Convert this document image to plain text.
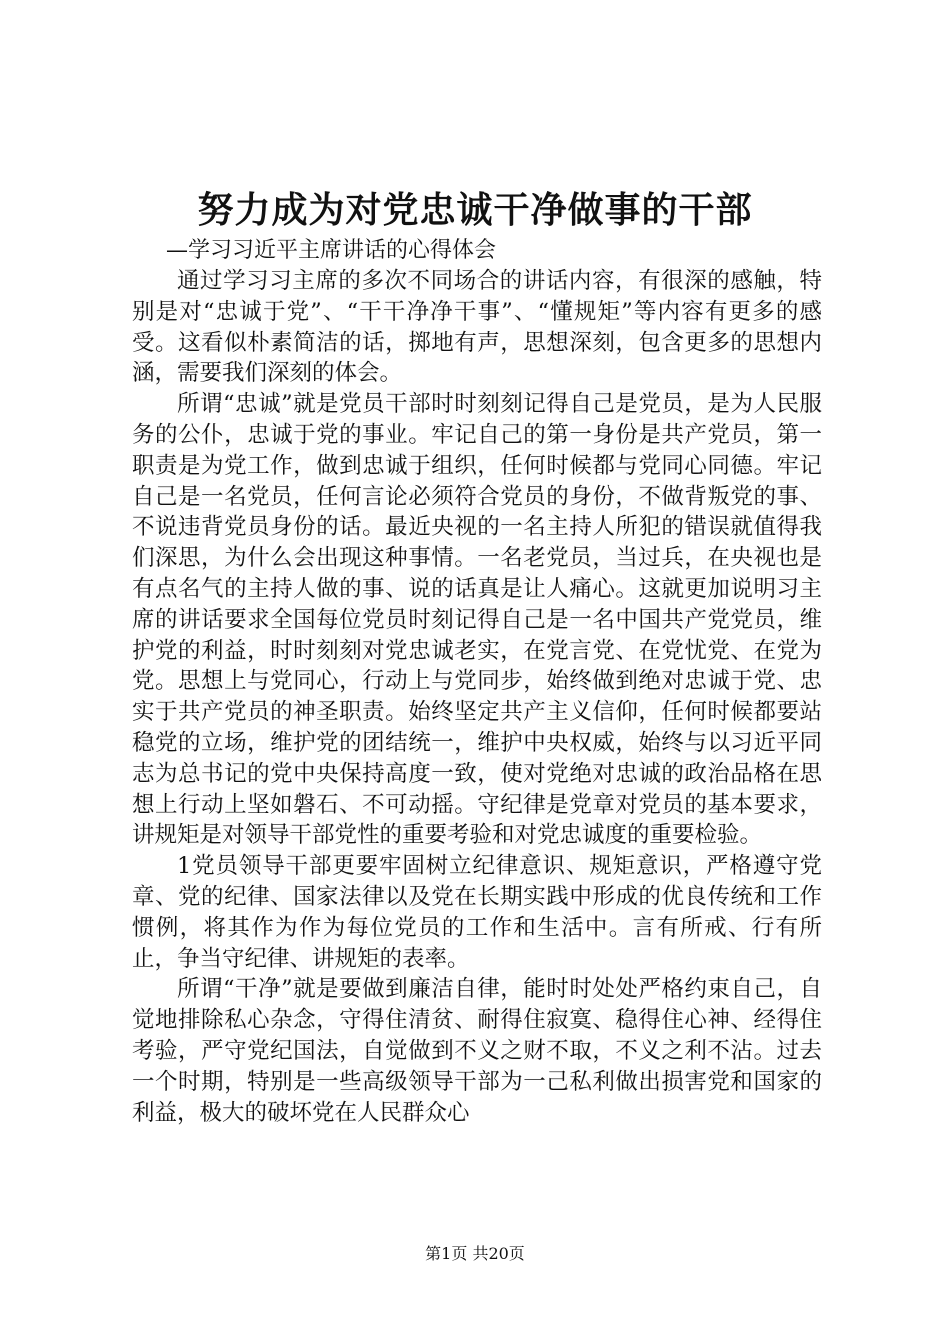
努力成为对党忠诚干净做事的干部
—学习习近平主席讲话的心得体会

通过学习习主席的多次不同场合的讲话内容，有很深的感触，特别是对“忠诚于党”、“干干净净干事”、“懂规矩”等内容有更多的感受。这看似朴素简洁的话，掷地有声，思想深刻，包含更多的思想内涵，需要我们深刻的体会。

所谓“忠诚”就是党员干部时时刻刻记得自己是党员，是为人民服务的公仆，忠诚于党的事业。牢记自己的第一身份是共产党员，第一职责是为党工作，做到忠诚于组织，任何时候都与党同心同德。牢记自己是一名党员，任何言论必须符合党员的身份，不做背叛党的事、不说违背党员身份的话。最近央视的一名主持人所犯的错误就值得我们深思，为什么会出现这种事情。一名老党员，当过兵，在央视也是有点名气的主持人做的事、说的话真是让人痛心。这就更加说明习主席的讲话要求全国每位党员时刻记得自己是一名中国共产党党员，维护党的利益，时时刻刻对党忠诚老实，在党言党、在党忧党、在党为党。思想上与党同心，行动上与党同步，始终做到绝对忠诚于党、忠实于共产党员的神圣职责。始终坚定共产主义信仰，任何时候都要站稳党的立场，维护党的团结统一，维护中央权威，始终与以习近平同志为总书记的党中央保持高度一致，使对党绝对忠诚的政治品格在思想上行动上坚如磐石、不可动摇。守纪律是党章对党员的基本要求，讲规矩是对领导干部党性的重要考验和对党忠诚度的重要检验。

1党员领导干部更要牢固树立纪律意识、规矩意识，严格遵守党章、党的纪律、国家法律以及党在长期实践中形成的优良传统和工作惯例，将其作为作为每位党员的工作和生活中。言有所戒、行有所止，争当守纪律、讲规矩的表率。

所谓“干净”就是要做到廉洁自律，能时时处处严格约束自己，自觉地排除私心杂念，守得住清贫、耐得住寂寞、稳得住心神、经得住考验，严守党纪国法，自觉做到不义之财不取，不义之利不沾。过去一个时期，特别是一些高级领导干部为一己私利做出损害党和国家的利益，极大的破坏党在人民群众心

第1页 共20页
